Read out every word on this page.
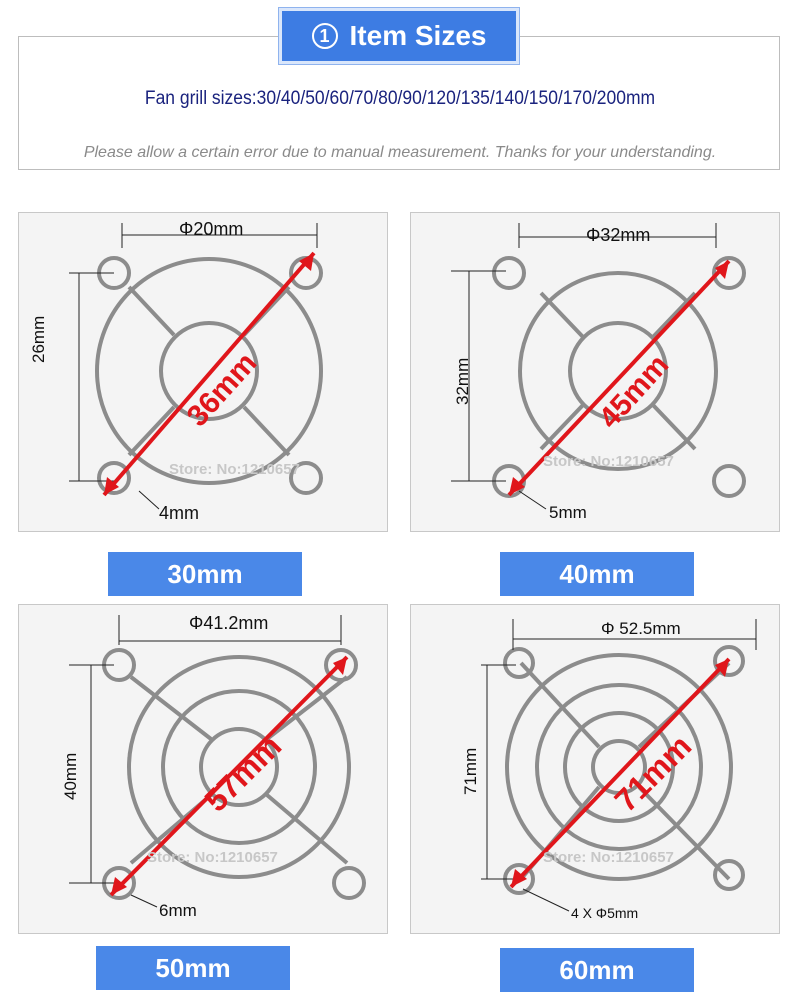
1 Item Sizes
Fan grill sizes:30/40/50/60/70/80/90/120/135/140/150/170/200mm
Please allow a certain error due to manual measurement. Thanks for your understanding.
Φ20mm
26mm
36mm
4mm
Store: No:1210657
Φ32mm
32mm	45mm
5mm
Store: No:1210657
30mm	40mm
Φ41.2mm
40mm	57mm
6mm
Store: No:1210657
Φ 52.5mm
71mm	71mm
4 X Φ5mm
Store: No:1210657
50mm	60mm
